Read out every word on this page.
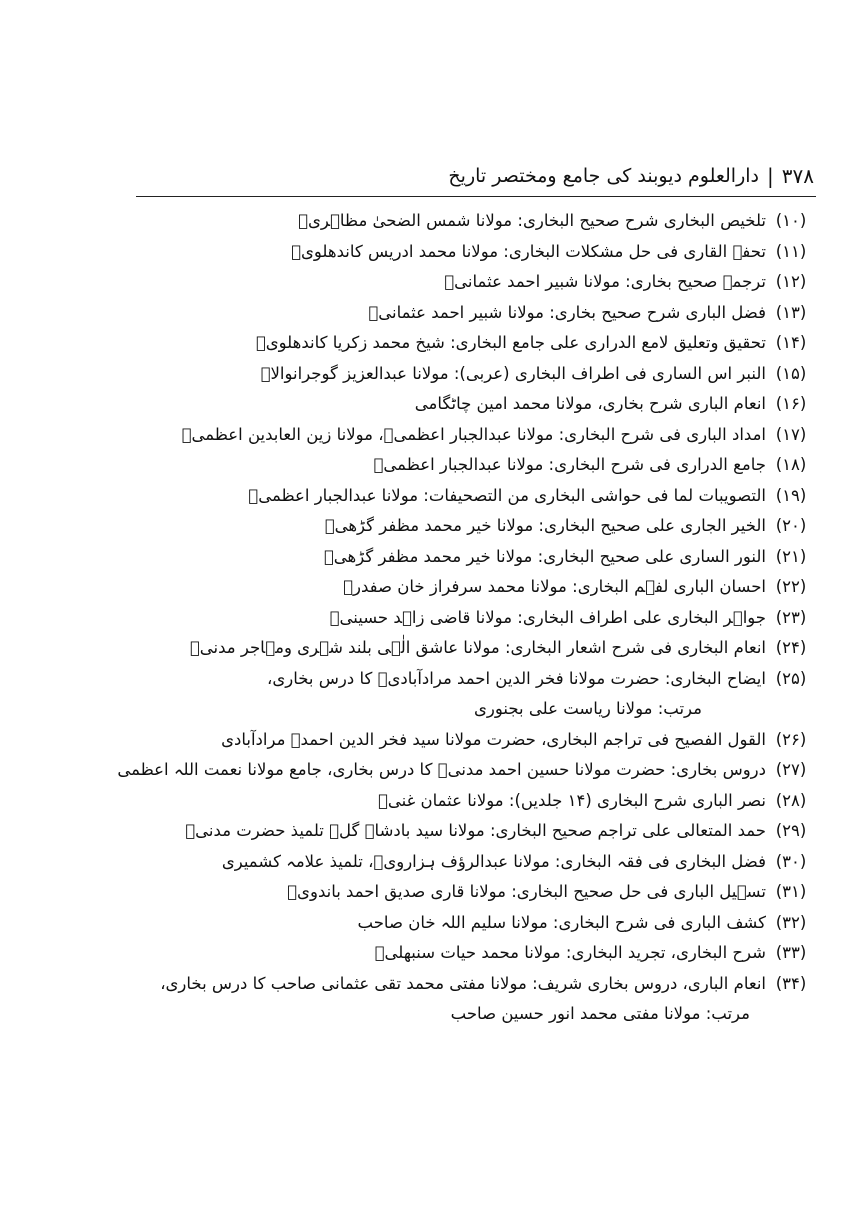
۳۷۸
|
دارالعلوم دیوبند کی جامع ومختصر تاریخ
(۱۰)تلخیص البخاری شرح صحیح البخاری: مولانا شمس الضحیٰ مظاہریؒ
(۱۱)تحفۃ القاری فی حل مشکلات البخاری: مولانا محمد ادریس کاندھلویؒ
(۱۲)ترجمہ صحیح بخاری: مولانا شبیر احمد عثمانیؒ
(۱۳)فضل الباری شرح صحیح بخاری: مولانا شبیر احمد عثمانیؒ
(۱۴)تحقیق وتعلیق لامع الدراری علی جامع البخاری: شیخ محمد زکریا کاندھلویؒ
(۱۵)النبر اس الساری فی اطراف البخاری (عربی): مولانا عبدالعزیز گوجرانوالاؒ
(۱۶)انعام الباری شرح بخاری، مولانا محمد امین چاٹگامی
(۱۷)امداد الباری فی شرح البخاری: مولانا عبدالجبار اعظمیؒ، مولانا زین العابدین اعظمیؒ
(۱۸)جامع الدراری فی شرح البخاری: مولانا عبدالجبار اعظمیؒ
(۱۹)التصویبات لما فی حواشی البخاری من التصحیفات: مولانا عبدالجبار اعظمیؒ
(۲۰)الخیر الجاری علی صحیح البخاری: مولانا خیر محمد مظفر گڑھیؒ
(۲۱)النور الساری علی صحیح البخاری: مولانا خیر محمد مظفر گڑھیؒ
(۲۲)احسان الباری لفہم البخاری: مولانا محمد سرفراز خان صفدرؒ
(۲۳)جواہر البخاری علی اطراف البخاری: مولانا قاضی زاہد حسینیؒ
(۲۴)انعام البخاری فی شرح اشعار البخاری: مولانا عاشق الٰہی بلند شہری ومہاجر مدنیؒ
(۲۵)ایضاح البخاری: حضرت مولانا فخر الدین احمد مرادآبادیؒ کا درس بخاری،
مرتب: مولانا ریاست علی بجنوری
(۲۶)القول الفصیح فی تراجم البخاری، حضرت مولانا سید فخر الدین احمدؒ مرادآبادی
(۲۷)دروس بخاری: حضرت مولانا حسین احمد مدنیؒ کا درس بخاری، جامع مولانا نعمت اللہ اعظمی
(۲۸)نصر الباری شرح البخاری (۱۴ جلدیں): مولانا عثمان غنیؒ
(۲۹)حمد المتعالی علی تراجم صحیح البخاری: مولانا سید بادشاہ گلؒ تلمیذ حضرت مدنیؒ
(۳۰)فضل البخاری فی فقہ البخاری: مولانا عبدالرؤف ہزارویؒ، تلمیذ علامہ کشمیری
(۳۱)تسہیل الباری فی حل صحیح البخاری: مولانا قاری صدیق احمد باندویؒ
(۳۲)کشف الباری فی شرح البخاری: مولانا سلیم اللہ خان صاحب
(۳۳)شرح البخاری، تجرید البخاری: مولانا محمد حیات سنبھلیؒ
(۳۴)انعام الباری، دروس بخاری شریف: مولانا مفتی محمد تقی عثمانی صاحب کا درس بخاری،
مرتب: مولانا مفتی محمد انور حسین صاحب
